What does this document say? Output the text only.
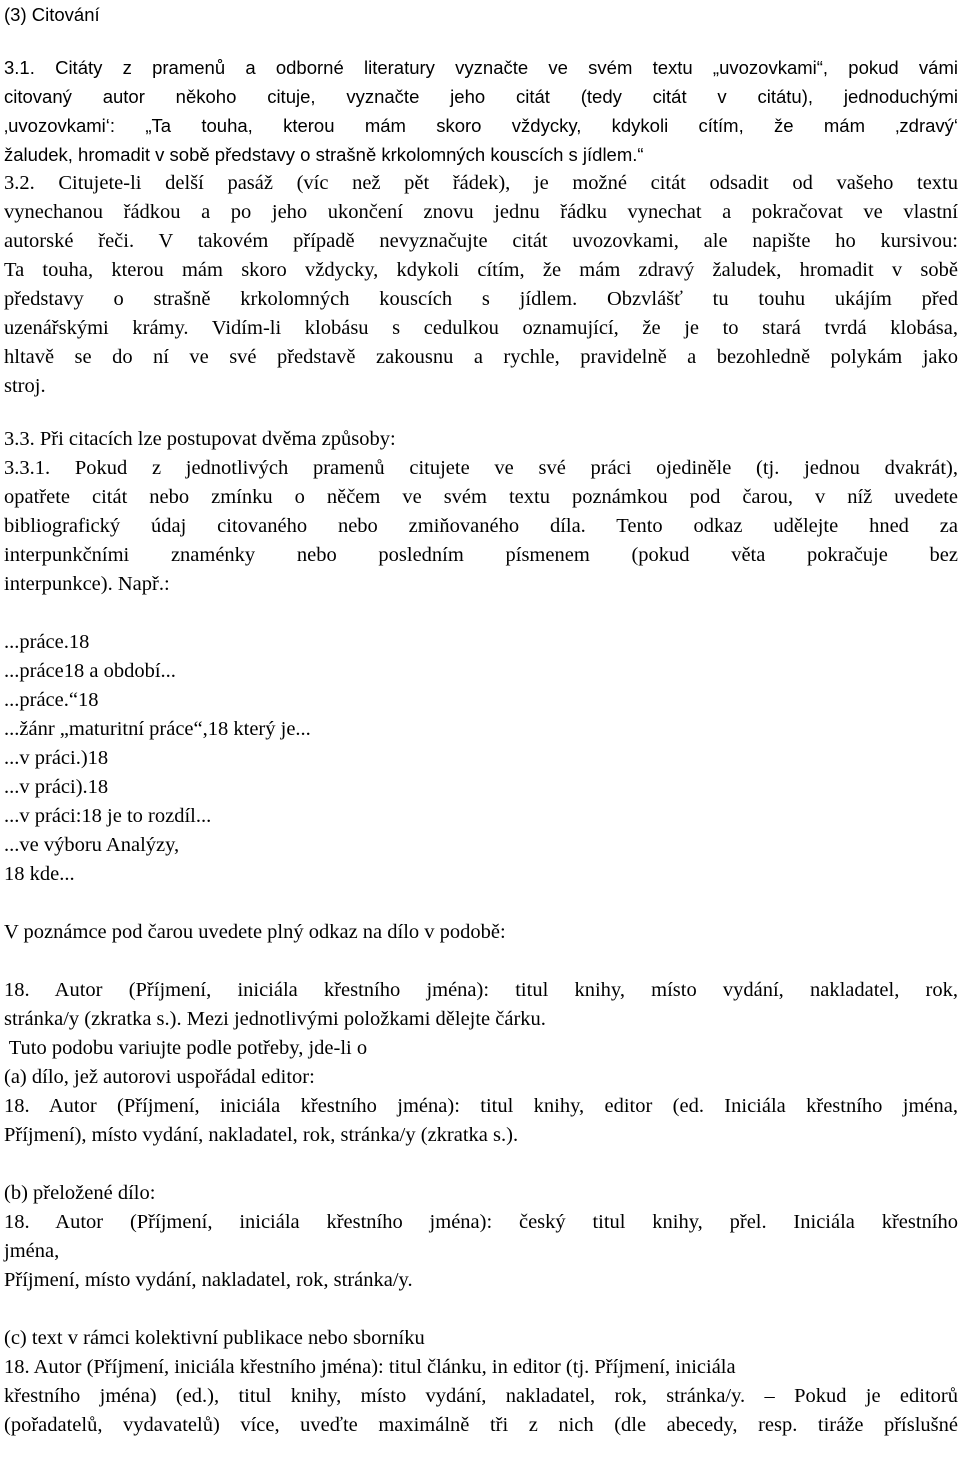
(3) Citování
3.1. Citáty z pramenů a odborné literatury vyznačte ve svém textu „uvozovkami“, pokud vámi
citovaný autor někoho cituje, vyznačte jeho citát (tedy citát v citátu), jednoduchými
‚uvozovkami‘: „Ta touha, kterou mám skoro vždycky, kdykoli cítím, že mám ‚zdravý‘
žaludek, hromadit v sobě představy o strašně krkolomných kouscích s jídlem.“
3.2. Citujete-li delší pasáž (víc než pět řádek), je možné citát odsadit od vašeho textu
vynechanou řádkou a po jeho ukončení znovu jednu řádku vynechat a pokračovat ve vlastní
autorské řeči. V takovém případě nevyznačujte citát uvozovkami, ale napište ho kursivou:
Ta touha, kterou mám skoro vždycky, kdykoli cítím, že mám zdravý žaludek, hromadit v sobě
představy o strašně krkolomných kouscích s jídlem. Obzvlášť tu touhu ukájím před
uzenářskými krámy. Vidím-li klobásu s cedulkou oznamující, že je to stará tvrdá klobása,
hltavě se do ní ve své představě zakousnu a rychle, pravidelně a bezohledně polykám jako
stroj.
3.3. Při citacích lze postupovat dvěma způsoby:
3.3.1. Pokud z jednotlivých pramenů citujete ve své práci ojediněle (tj. jednou dvakrát),
opatřete citát nebo zmínku o něčem ve svém textu poznámkou pod čarou, v níž uvedete
bibliografický údaj citovaného nebo zmiňovaného díla. Tento odkaz udělejte hned za
interpunkčními znaménky nebo posledním písmenem (pokud věta pokračuje bez
interpunkce). Např.:
...práce.18
...práce18 a období...
...práce.“18
...žánr „maturitní práce“,18 který je...
...v práci.)18
...v práci).18
...v práci:18 je to rozdíl...
...ve výboru Analýzy,
18 kde...
V poznámce pod čarou uvedete plný odkaz na dílo v podobě:
18. Autor (Příjmení, iniciála křestního jména): titul knihy, místo vydání, nakladatel, rok,
stránka/y (zkratka s.). Mezi jednotlivými položkami dělejte čárku.
Tuto podobu variujte podle potřeby, jde-li o
(a) dílo, jež autorovi uspořádal editor:
18. Autor (Příjmení, iniciála křestního jména): titul knihy, editor (ed. Iniciála křestního jména,
Příjmení), místo vydání, nakladatel, rok, stránka/y (zkratka s.).
(b) přeložené dílo:
18. Autor (Příjmení, iniciála křestního jména): český titul knihy, přel. Iniciála křestního
jména,
Příjmení, místo vydání, nakladatel, rok, stránka/y.
(c) text v rámci kolektivní publikace nebo sborníku
18. Autor (Příjmení, iniciála křestního jména): titul článku, in editor (tj. Příjmení, iniciála
křestního jména) (ed.), titul knihy, místo vydání, nakladatel, rok, stránka/y. – Pokud je editorů
(pořadatelů, vydavatelů) více, uveďte maximálně tři z nich (dle abecedy, resp. tiráže příslušné
